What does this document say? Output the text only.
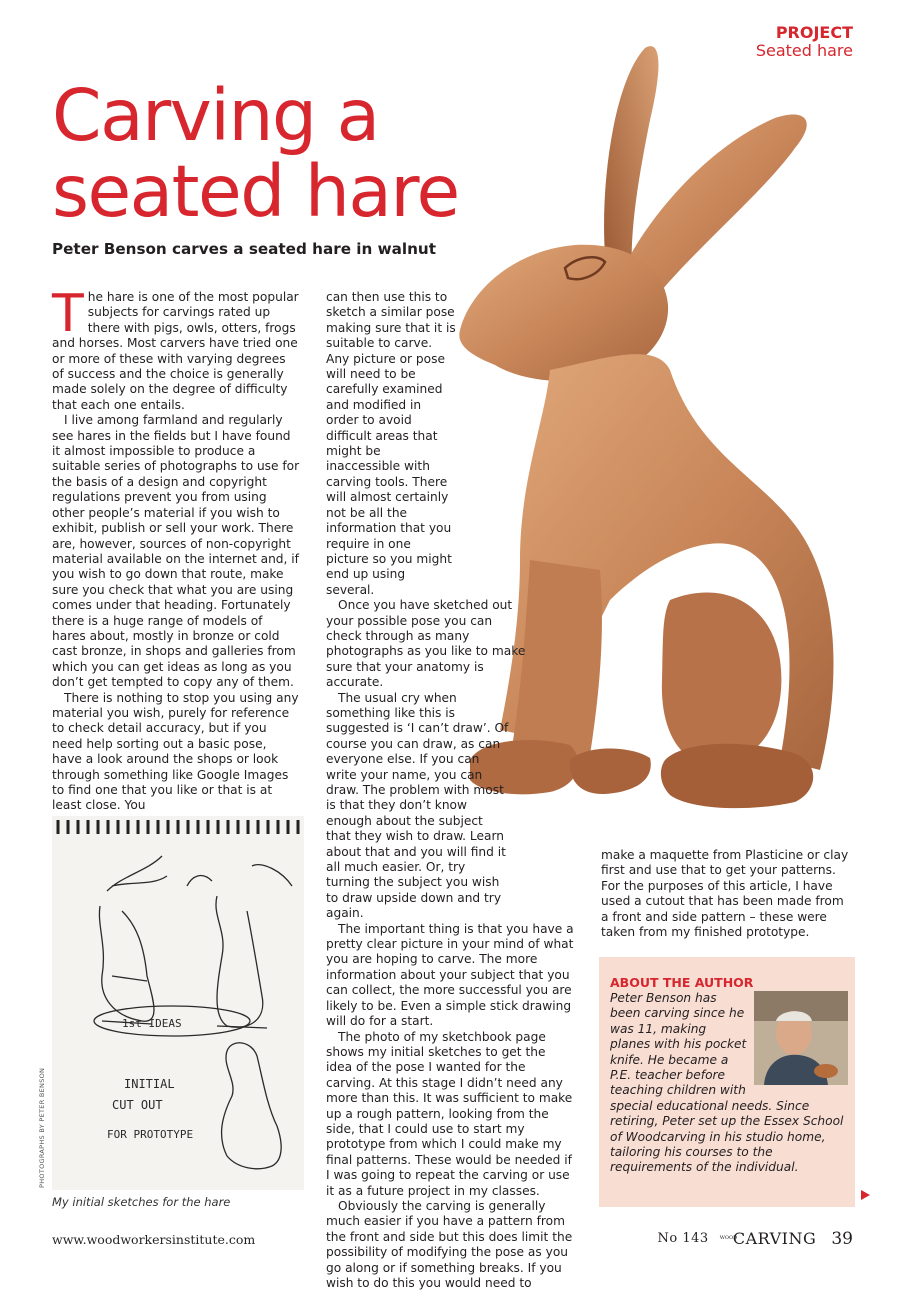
PROJECT
Seated hare
Carving a
seated hare
Peter Benson carves a seated hare in walnut

The hare is one of the most popular subjects for carvings rated up there with pigs, owls, otters, frogs and horses. Most carvers have tried one or more of these with varying degrees of success and the choice is generally made solely on the degree of difficulty that each one entails.

I live among farmland and regularly see hares in the fields but I have found it almost impossible to produce a suitable series of photographs to use for the basis of a design and copyright regulations prevent you from using other people’s material if you wish to exhibit, publish or sell your work. There are, however, sources of non-copyright material available on the internet and, if you wish to go down that route, make sure you check that what you are using comes under that heading. Fortunately there is a huge range of models of hares about, mostly in bronze or cold cast bronze, in shops and galleries from which you can get ideas as long as you don’t get tempted to copy any of them.

There is nothing to stop you using any material you wish, purely for reference to check detail accuracy, but if you need help sorting out a basic pose, have a look around the shops or look through something like Google Images to find one that you like or that is at least close. You

can then use this to sketch a similar pose making sure that it is suitable to carve. Any picture or pose will need to be carefully examined and modified in order to avoid difficult areas that might be inaccessible with carving tools. There will almost certainly not be all the information that you require in one picture so you might end up using several.

Once you have sketched out your possible pose you can check through as many photographs as you like to make sure that your anatomy is accurate.

The usual cry when something like this is suggested is ‘I can’t draw’. Of course you can draw, as can everyone else. If you can write your name, you can draw. The problem with most is that they don’t know enough about the subject that they wish to draw. Learn about that and you will find it all much easier. Or, try turning the subject you wish to draw upside down and try again.

The important thing is that you have a pretty clear picture in your mind of what you are hoping to carve. The more information about your subject that you can collect, the more successful you are likely to be. Even a simple stick drawing will do for a start.

The photo of my sketchbook page shows my initial sketches to get the idea of the pose I wanted for the carving. At this stage I didn’t need any more than this. It was sufficient to make up a rough pattern, looking from the side, that I could use to start my prototype from which I could make my final patterns. These would be needed if I was going to repeat the carving or use it as a future project in my classes.

Obviously the carving is generally much easier if you have a pattern from the front and side but this does limit the possibility of modifying the pose as you go along or if something breaks. If you wish to do this you would need to

make a maquette from Plasticine or clay first and use that to get your patterns. For the purposes of this article, I have used a cutout that has been made from a front and side pattern – these were taken from my finished prototype.

1st IDEAS
INITIAL
CUT OUT
FOR PROTOTYPE
PHOTOGRAPHS BY PETER BENSON
My initial sketches for the hare
ABOUT THE AUTHOR
Peter Benson has been carving since he was 11, making planes with his pocket knife. He became a P.E. teacher before teaching children with special educational needs. Since retiring, Peter set up the Essex School of Woodcarving in his studio home, tailoring his courses to the requirements of the individual.
www.woodworkersinstitute.com	No 143 WOOD CARVING 39
